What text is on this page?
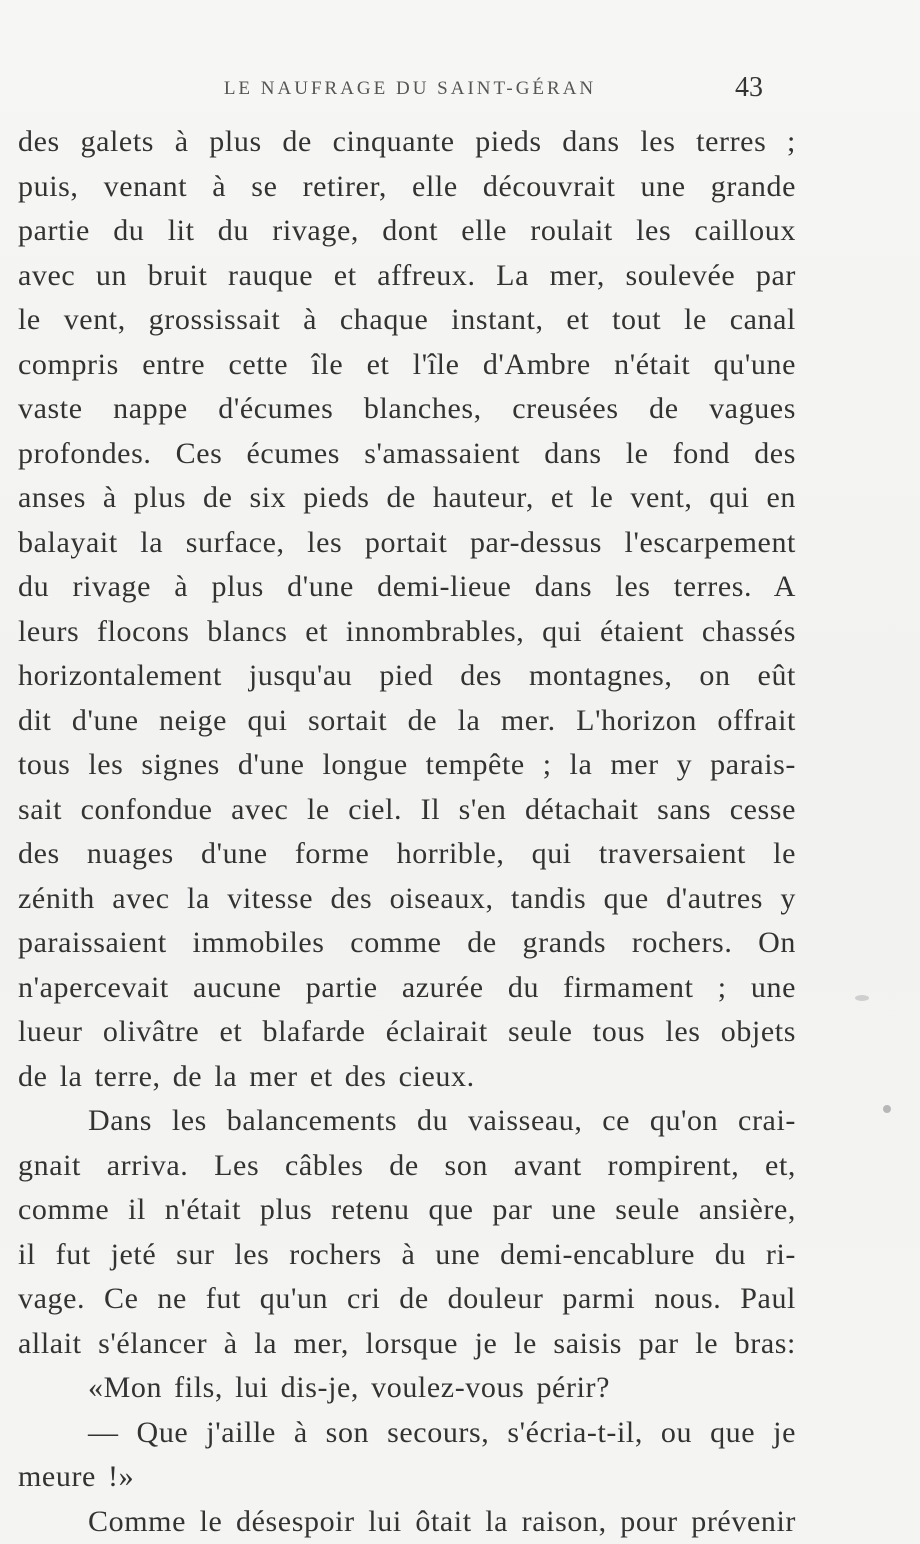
LE NAUFRAGE DU SAINT-GÉRAN	43
des galets à plus de cinquante pieds dans les terres ;
puis, venant à se retirer, elle découvrait une grande
partie du lit du rivage, dont elle roulait les cailloux
avec un bruit rauque et affreux. La mer, soulevée par
le vent, grossissait à chaque instant, et tout le canal
compris entre cette île et l'île d'Ambre n'était qu'une
vaste nappe d'écumes blanches, creusées de vagues
profondes. Ces écumes s'amassaient dans le fond des
anses à plus de six pieds de hauteur, et le vent, qui en
balayait la surface, les portait par-dessus l'escarpement
du rivage à plus d'une demi-lieue dans les terres. A
leurs flocons blancs et innombrables, qui étaient chassés
horizontalement jusqu'au pied des montagnes, on eût
dit d'une neige qui sortait de la mer. L'horizon offrait
tous les signes d'une longue tempête ; la mer y parais-
sait confondue avec le ciel. Il s'en détachait sans cesse
des nuages d'une forme horrible, qui traversaient le
zénith avec la vitesse des oiseaux, tandis que d'autres y
paraissaient immobiles comme de grands rochers. On
n'apercevait aucune partie azurée du firmament ; une
lueur olivâtre et blafarde éclairait seule tous les objets
de la terre, de la mer et des cieux.
Dans les balancements du vaisseau, ce qu'on crai-
gnait arriva. Les câbles de son avant rompirent, et,
comme il n'était plus retenu que par une seule ansière,
il fut jeté sur les rochers à une demi-encablure du ri-
vage. Ce ne fut qu'un cri de douleur parmi nous. Paul
allait s'élancer à la mer, lorsque je le saisis par le bras:
«Mon fils, lui dis-je, voulez-vous périr?
— Que j'aille à son secours, s'écria-t-il, ou que je
meure !»
Comme le désespoir lui ôtait la raison, pour prévenir
